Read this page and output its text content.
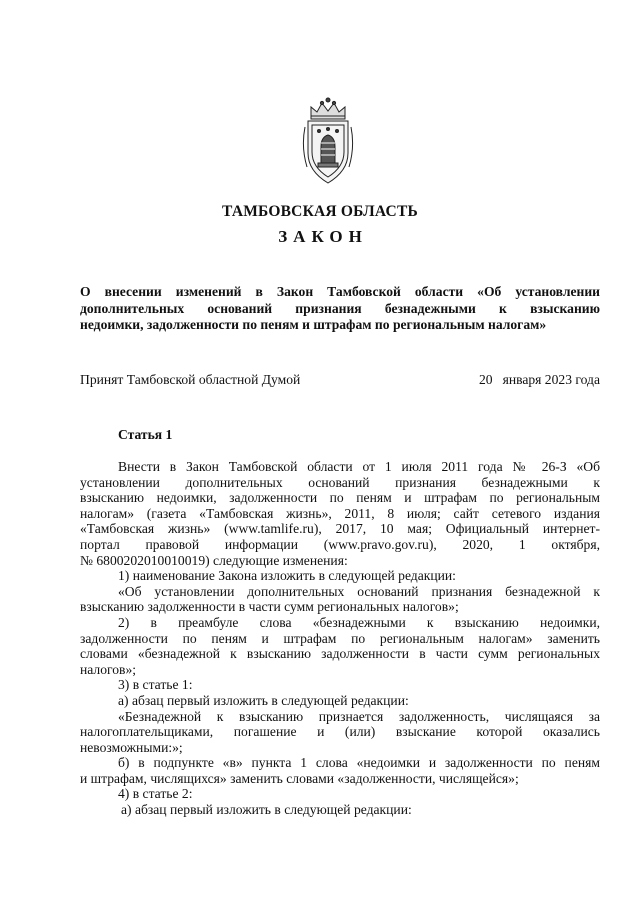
ТАМБОВСКАЯ ОБЛАСТЬ
ЗАКОН
О внесении изменений в Закон Тамбовской области «Об установлении
дополнительных оснований признания безнадежными к взысканию
недоимки, задолженности по пеням и штрафам по региональным налогам»
Принят Тамбовской областной Думой	20 января 2023 года
Статья 1
Внести в Закон Тамбовской области от 1 июля 2011 года № 26-З «Об
установлении дополнительных оснований признания безнадежными к
взысканию недоимки, задолженности по пеням и штрафам по региональным
налогам» (газета «Тамбовская жизнь», 2011, 8 июля; сайт сетевого издания
«Тамбовская жизнь» (www.tamlife.ru), 2017, 10 мая; Официальный интернет-
портал правовой информации (www.pravo.gov.ru), 2020, 1 октября,
№ 6800202010010019) следующие изменения:
1) наименование Закона изложить в следующей редакции:
«Об установлении дополнительных оснований признания безнадежной к
взысканию задолженности в части сумм региональных налогов»;
2) в преамбуле слова «безнадежными к взысканию недоимки,
задолженности по пеням и штрафам по региональным налогам» заменить
словами «безнадежной к взысканию задолженности в части сумм региональных
налогов»;
3) в статье 1:
а) абзац первый изложить в следующей редакции:
«Безнадежной к взысканию признается задолженность, числящаяся за
налогоплательщиками, погашение и (или) взыскание которой оказались
невозможными:»;
б) в подпункте «в» пункта 1 слова «недоимки и задолженности по пеням
и штрафам, числящихся» заменить словами «задолженности, числящейся»;
4) в статье 2:
а) абзац первый изложить в следующей редакции:
